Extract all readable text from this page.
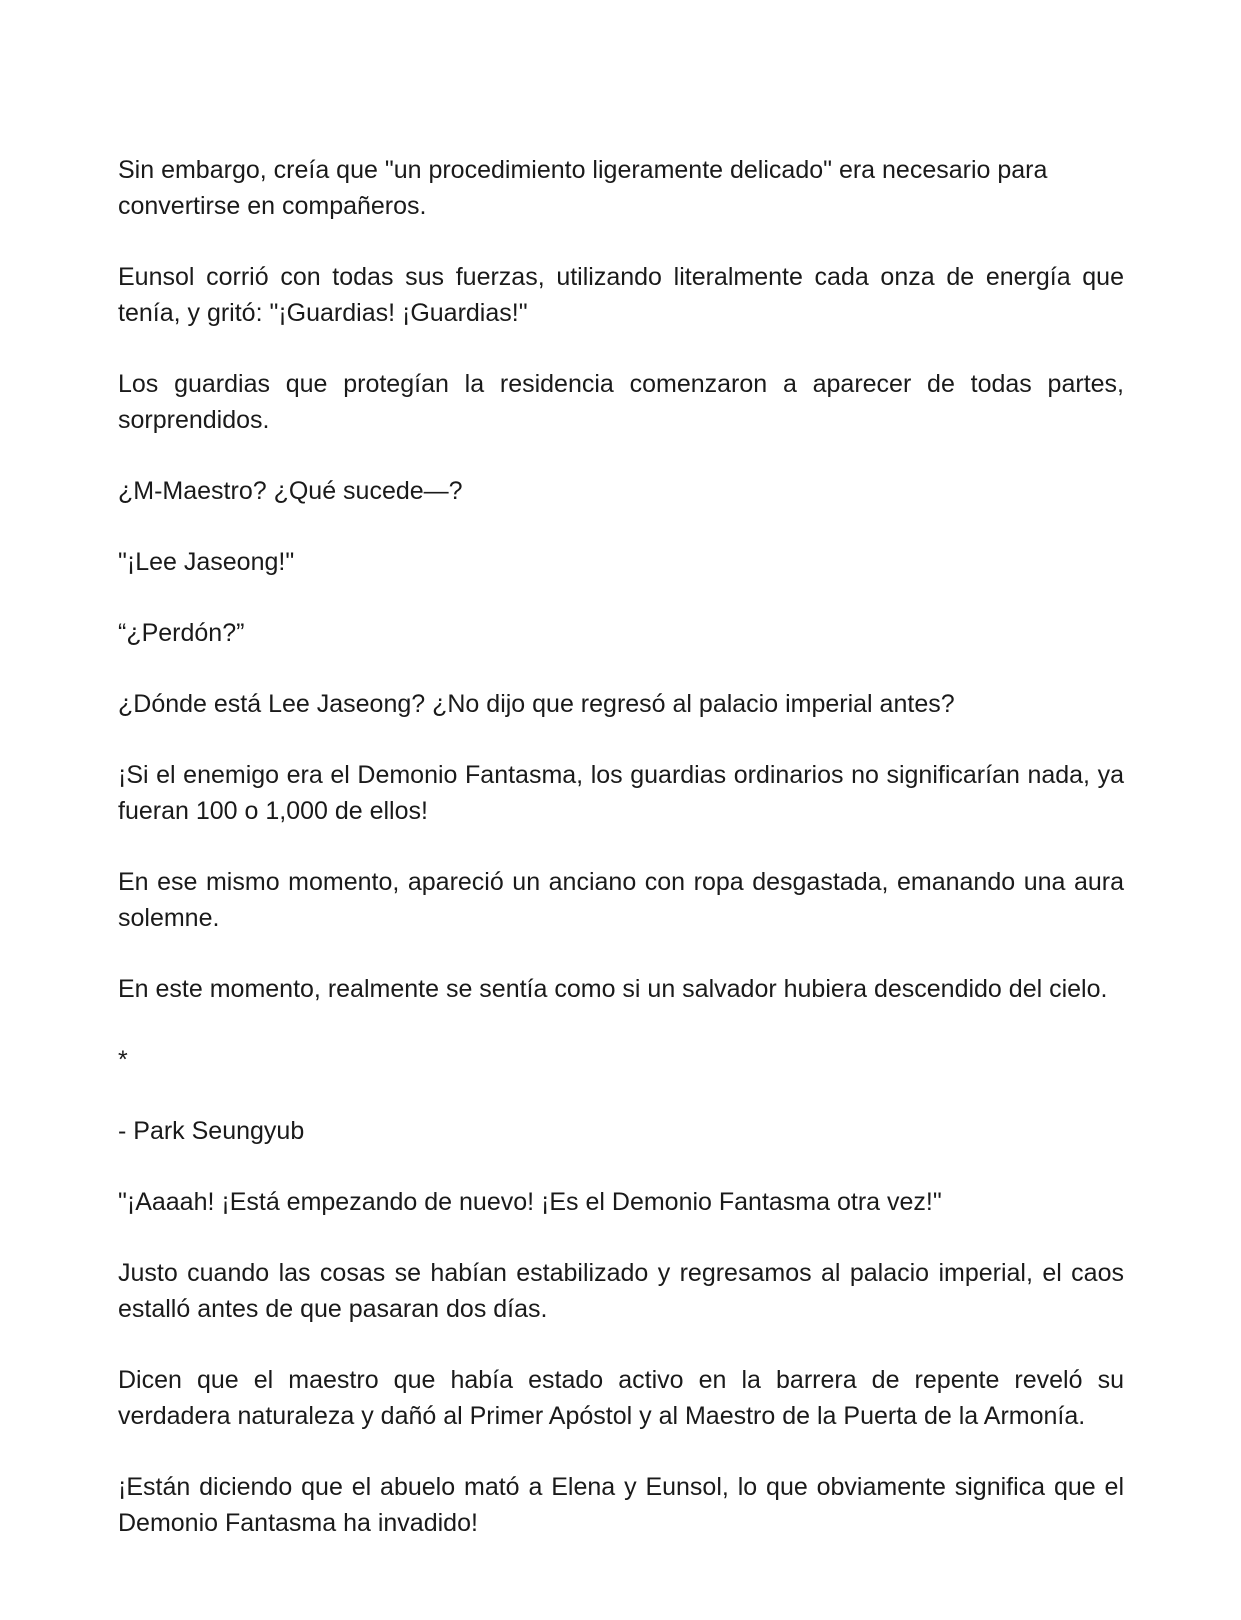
Sin embargo, creía que "un procedimiento ligeramente delicado" era necesario para convertirse en compañeros.

Eunsol corrió con todas sus fuerzas, utilizando literalmente cada onza de energía que tenía, y gritó: "¡Guardias! ¡Guardias!"

Los guardias que protegían la residencia comenzaron a aparecer de todas partes, sorprendidos.

¿M-Maestro? ¿Qué sucede—?

"¡Lee Jaseong!"

“¿Perdón?”

¿Dónde está Lee Jaseong? ¿No dijo que regresó al palacio imperial antes?

¡Si el enemigo era el Demonio Fantasma, los guardias ordinarios no significarían nada, ya fueran 100 o 1,000 de ellos!

En ese mismo momento, apareció un anciano con ropa desgastada, emanando una aura solemne.

En este momento, realmente se sentía como si un salvador hubiera descendido del cielo.

*

- Park Seungyub

"¡Aaaah! ¡Está empezando de nuevo! ¡Es el Demonio Fantasma otra vez!"

Justo cuando las cosas se habían estabilizado y regresamos al palacio imperial, el caos estalló antes de que pasaran dos días.

Dicen que el maestro que había estado activo en la barrera de repente reveló su verdadera naturaleza y dañó al Primer Apóstol y al Maestro de la Puerta de la Armonía.

¡Están diciendo que el abuelo mató a Elena y Eunsol, lo que obviamente significa que el Demonio Fantasma ha invadido!
